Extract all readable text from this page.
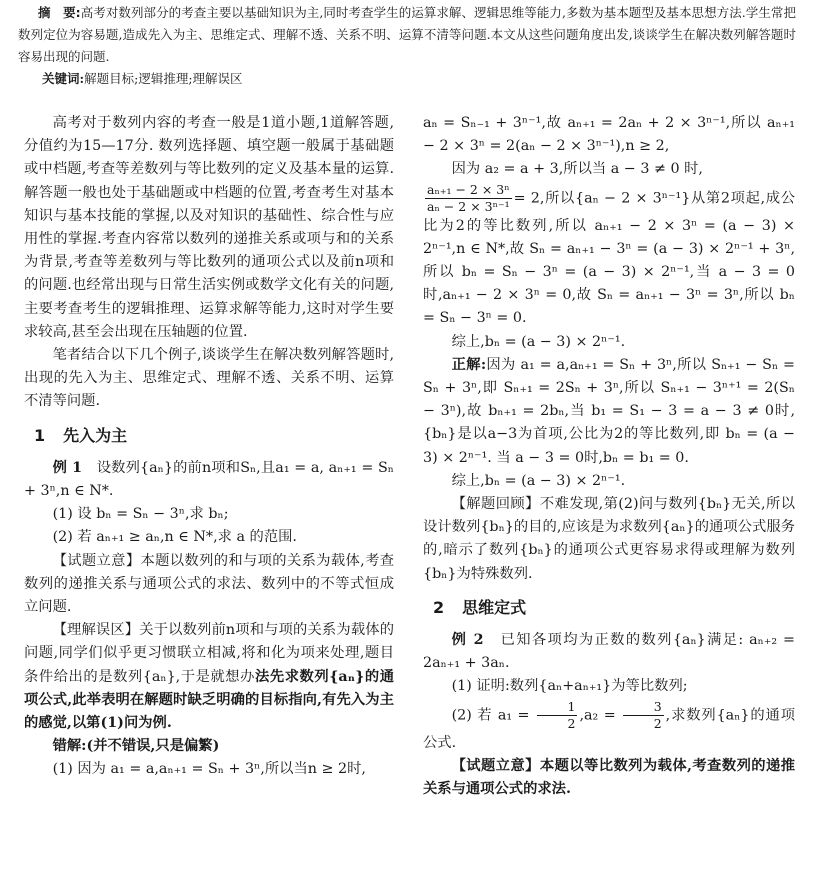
摘　要:高考对数列部分的考查主要以基础知识为主,同时考查学生的运算求解、逻辑思维等能力,多数为基本题型及基本思想方法.学生常把数列定位为容易题,造成先入为主、思维定式、理解不透、关系不明、运算不清等问题.本文从这些问题角度出发,谈谈学生在解决数列解答题时容易出现的问题.

关键词:解题目标;逻辑推理;理解误区

高考对于数列内容的考查一般是1道小题,1道解答题,分值约为15—17分. 数列选择题、填空题一般属于基础题或中档题,考查等差数列与等比数列的定义及基本量的运算.解答题一般也处于基础题或中档题的位置,考查考生对基本知识与基本技能的掌握,以及对知识的基础性、综合性与应用性的掌握.考查内容常以数列的递推关系或项与和的关系为背景,考查等差数列与等比数列的通项公式以及前n项和的问题.也经常出现与日常生活实例或数学文化有关的问题,主要考查考生的逻辑推理、运算求解等能力,这时对学生要求较高,甚至会出现在压轴题的位置.

笔者结合以下几个例子,谈谈学生在解决数列解答题时,出现的先入为主、思维定式、理解不透、关系不明、运算不清等问题.

1 先入为主

例 1　 设数列{aₙ}的前n项和Sₙ,且a₁ = a, aₙ₊₁ = Sₙ + 3ⁿ,n ∈ N*.

(1) 设 bₙ = Sₙ − 3ⁿ,求 bₙ;

(2) 若 aₙ₊₁ ≥ aₙ,n ∈ N*,求 a 的范围.

【试题立意】本题以数列的和与项的关系为载体,考查数列的递推关系与通项公式的求法、数列中的不等式恒成立问题.

【理解误区】关于以数列前n项和与项的关系为载体的问题,同学们似乎更习惯联立相减,将和化为项来处理,题目条件给出的是数列{aₙ},于是就想办法先求数列{aₙ}的通项公式,此举表明在解题时缺乏明确的目标指向,有先入为主的感觉,以第(1)问为例.

错解:(并不错误,只是偏繁)

(1) 因为 a₁ = a,aₙ₊₁ = Sₙ + 3ⁿ,所以当n ≥ 2时,

aₙ = Sₙ₋₁ + 3ⁿ⁻¹,故 aₙ₊₁ = 2aₙ + 2 × 3ⁿ⁻¹,所以 aₙ₊₁ − 2 × 3ⁿ = 2(aₙ − 2 × 3ⁿ⁻¹),n ≥ 2,

因为 a₂ = a + 3,所以当 a − 3 ≠ 0 时,

$\frac{\text{aₙ₊₁ − 2 × 3ⁿ}}{\text{aₙ − 2 × 3ⁿ⁻¹}} = 2$,所以{aₙ − 2 × 3ⁿ⁻¹}从第2项起,成公比为2的等比数列,所以 aₙ₊₁ − 2 × 3ⁿ = (a − 3) × 2ⁿ⁻¹,n ∈ N*,故 Sₙ = aₙ₊₁ − 3ⁿ = (a − 3) × 2ⁿ⁻¹ + 3ⁿ,所以 bₙ = Sₙ − 3ⁿ = (a − 3) × 2ⁿ⁻¹,当 a − 3 = 0时,aₙ₊₁ − 2 × 3ⁿ = 0,故 Sₙ = aₙ₊₁ − 3ⁿ = 3ⁿ,所以 bₙ = Sₙ − 3ⁿ = 0.

综上,bₙ = (a − 3) × 2ⁿ⁻¹.

正解:因为 a₁ = a,aₙ₊₁ = Sₙ + 3ⁿ,所以 Sₙ₊₁ − Sₙ = Sₙ + 3ⁿ,即 Sₙ₊₁ = 2Sₙ + 3ⁿ,所以 Sₙ₊₁ − 3ⁿ⁺¹ = 2(Sₙ − 3ⁿ),故 bₙ₊₁ = 2bₙ,当 b₁ = S₁ − 3 = a − 3 ≠ 0时,{bₙ}是以a−3为首项,公比为2的等比数列,即 bₙ = (a − 3) × 2ⁿ⁻¹. 当 a − 3 = 0时,bₙ = b₁ = 0.

综上,bₙ = (a − 3) × 2ⁿ⁻¹.

【解题回顾】不难发现,第(2)问与数列{bₙ}无关,所以设计数列{bₙ}的目的,应该是为求数列{aₙ}的通项公式服务的,暗示了数列{bₙ}的通项公式更容易求得或理解为数列{bₙ}为特殊数列.

2 思维定式

例 2　 已知各项均为正数的数列{aₙ}满足: aₙ₊₂ = 2aₙ₊₁ + 3aₙ.

(1) 证明:数列{aₙ+aₙ₊₁}为等比数列;

(2) 若 $a_1 = \frac{1}{2} ,a_2 = \frac{3}{2}$ ,求数列{aₙ}的通项公式.

【试题立意】本题以等比数列为载体,考查数列的递推关系与通项公式的求法.
